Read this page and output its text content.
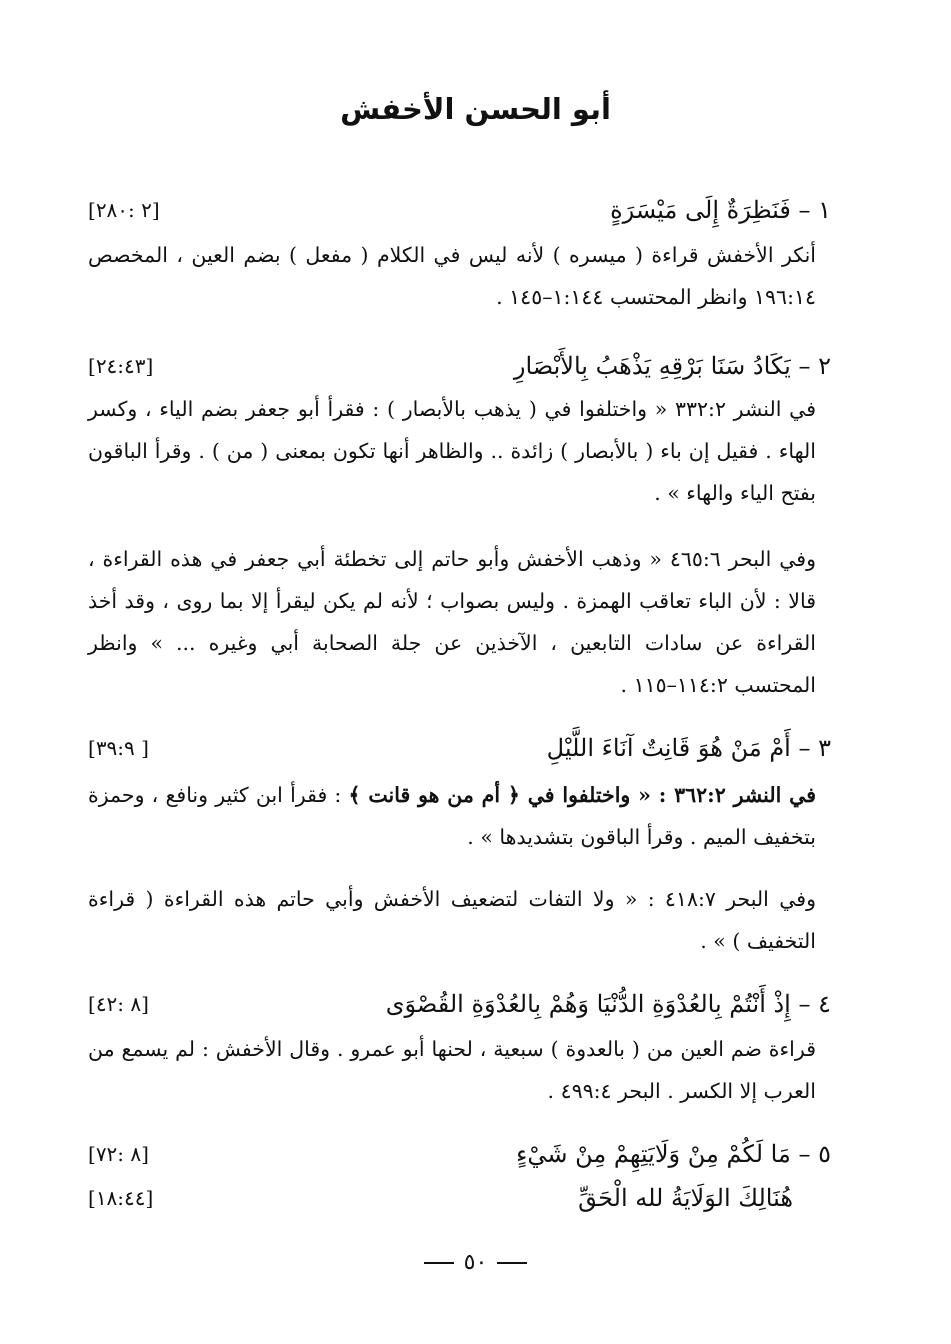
أبو الحسن الأخفش
١ – فَنَظِرَةٌ إِلَى مَيْسَرَةٍ
[٢ :٢٨٠]
أنكر الأخفش قراءة ( ميسره ) لأنه ليس في الكلام ( مفعل ) بضم العين ، المخصص ١٩٦:١٤ وانظر المحتسب ١:١٤٤–١٤٥ .
٢ – يَكَادُ سَنَا بَرْقِهِ يَذْهَبُ بِالأَبْصَارِ
[٢٤:٤٣]
في النشر ٣٣٢:٢ « واختلفوا في ( يذهب بالأبصار ) : فقرأ أبو جعفر بضم الياء ، وكسر الهاء . فقيل إن باء ( بالأبصار ) زائدة .. والظاهر أنها تكون بمعنى ( من ) . وقرأ الباقون بفتح الياء والهاء » .
وفي البحر ٤٦٥:٦ « وذهب الأخفش وأبو حاتم إلى تخطئة أبي جعفر في هذه القراءة ، قالا : لأن الباء تعاقب الهمزة . وليس بصواب ؛ لأنه لم يكن ليقرأ إلا بما روى ، وقد أخذ القراءة عن سادات التابعين ، الآخذين عن جلة الصحابة أبي وغيره ... » وانظر المحتسب ١١٤:٢–١١٥ .
٣ – أَمْ مَنْ هُوَ قَانِتٌ آنَاءَ اللَّيْلِ
[٣٩:٩ ]
في النشر ٣٦٢:٢ : « واختلفوا في ﴿ أم من هو قانت ﴾ : فقرأ ابن كثير ونافع ، وحمزة بتخفيف الميم . وقرأ الباقون بتشديدها » .
وفي البحر ٤١٨:٧ : « ولا التفات لتضعيف الأخفش وأبي حاتم هذه القراءة ( قراءة التخفيف ) » .
٤ – إِذْ أَنْتُمْ بِالعُدْوَةِ الدُّنْيَا وَهُمْ بِالعُدْوَةِ القُصْوَى
[٨ :٤٢]
قراءة ضم العين من ( بالعدوة ) سبعية ، لحنها أبو عمرو . وقال الأخفش : لم يسمع من العرب إلا الكسر . البحر ٤٩٩:٤ .
٥ – مَا لَكُمْ مِنْ وَلَايَتِهِمْ مِنْ شَيْءٍ
[٨ :٧٢]
هُنَالِكَ الوَلَايَةُ لله الْحَقِّ
[١٨:٤٤]
٥٠
